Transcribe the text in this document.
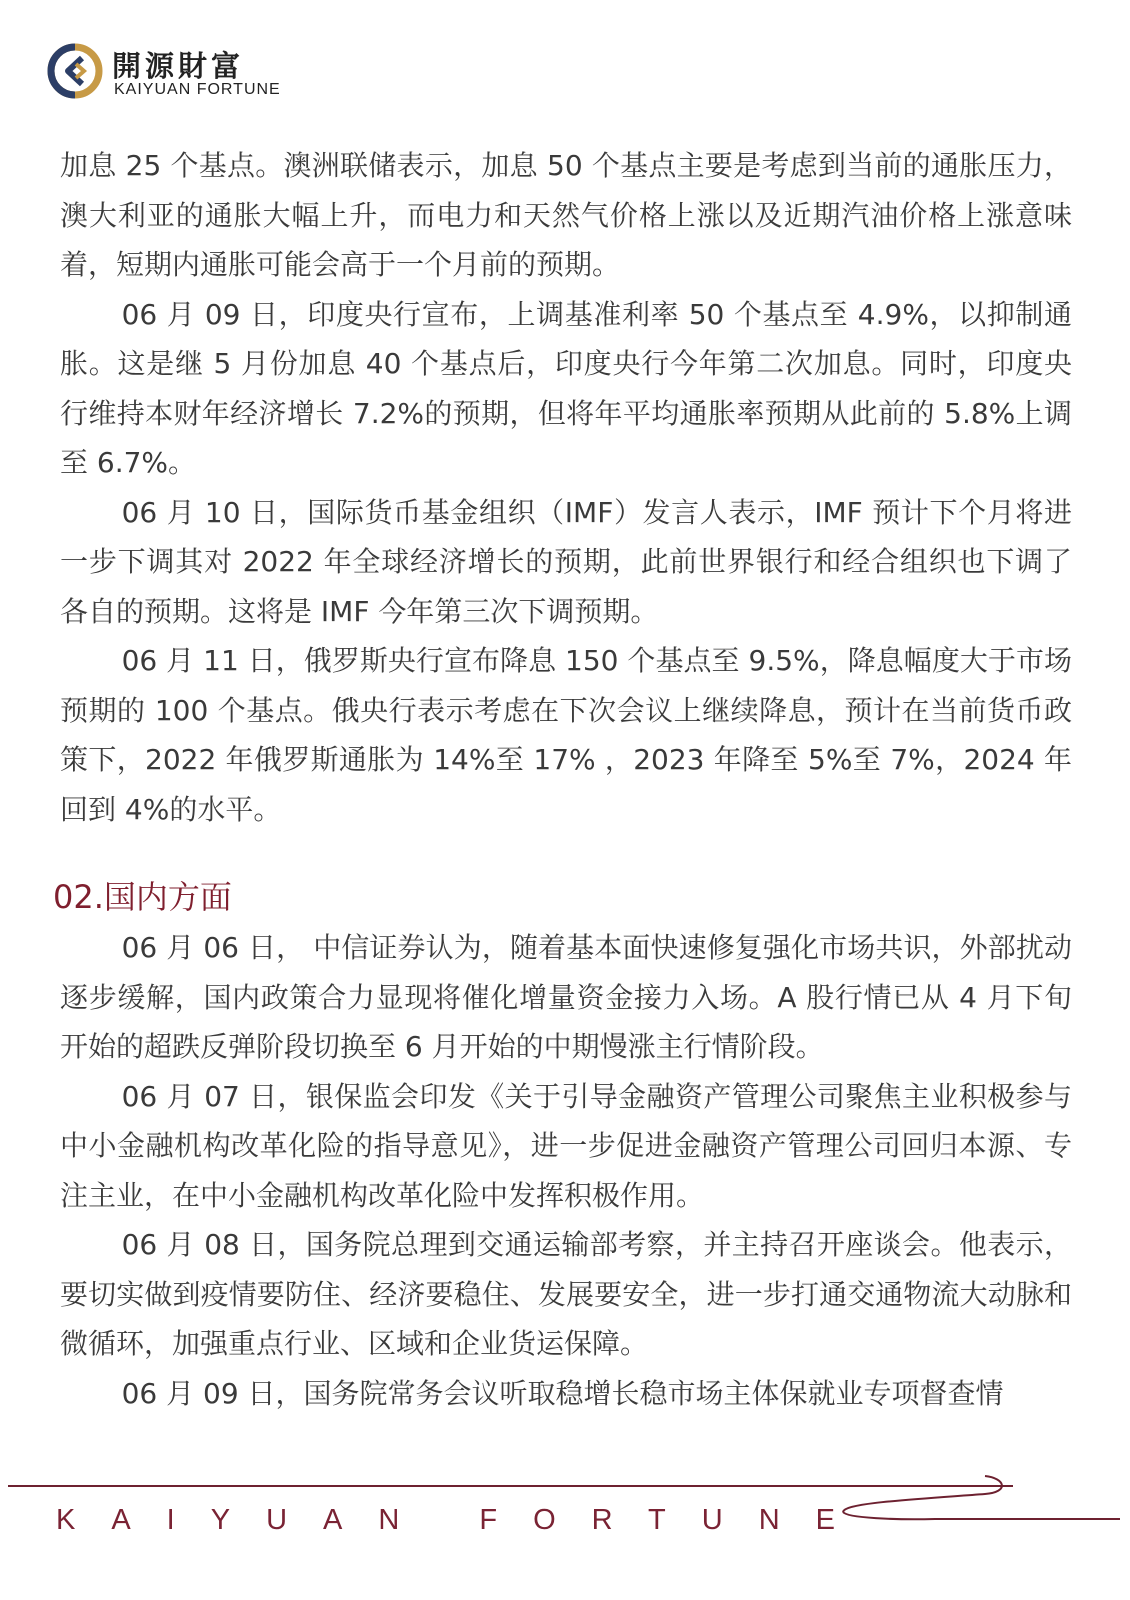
開源財富
KAIYUAN FORTUNE

加息 25 个基点。澳洲联储表示，加息 50 个基点主要是考虑到当前的通胀压力，澳大利亚的通胀大幅上升，而电力和天然气价格上涨以及近期汽油价格上涨意味着，短期内通胀可能会高于一个月前的预期。

06 月 09 日，印度央行宣布，上调基准利率 50 个基点至 4.9%，以抑制通胀。这是继 5 月份加息 40 个基点后，印度央行今年第二次加息。同时，印度央行维持本财年经济增长 7.2%的预期，但将年平均通胀率预期从此前的 5.8%上调至 6.7%。

06 月 10 日，国际货币基金组织（IMF）发言人表示，IMF 预计下个月将进一步下调其对 2022 年全球经济增长的预期，此前世界银行和经合组织也下调了各自的预期。这将是 IMF 今年第三次下调预期。

06 月 11 日，俄罗斯央行宣布降息 150 个基点至 9.5%，降息幅度大于市场预期的 100 个基点。俄央行表示考虑在下次会议上继续降息，预计在当前货币政策下，2022 年俄罗斯通胀为 14%至 17% ，2023 年降至 5%至 7%，2024 年回到 4%的水平。

02.国内方面

06 月 06 日， 中信证券认为，随着基本面快速修复强化市场共识，外部扰动逐步缓解，国内政策合力显现将催化增量资金接力入场。A 股行情已从 4 月下旬开始的超跌反弹阶段切换至 6 月开始的中期慢涨主行情阶段。

06 月 07 日，银保监会印发《关于引导金融资产管理公司聚焦主业积极参与中小金融机构改革化险的指导意见》，进一步促进金融资产管理公司回归本源、专注主业，在中小金融机构改革化险中发挥积极作用。

06 月 08 日，国务院总理到交通运输部考察，并主持召开座谈会。他表示，要切实做到疫情要防住、经济要稳住、发展要安全，进一步打通交通物流大动脉和微循环，加强重点行业、区域和企业货运保障。

06 月 09 日，国务院常务会议听取稳增长稳市场主体保就业专项督查情

KAIYUAN FORTUNE
